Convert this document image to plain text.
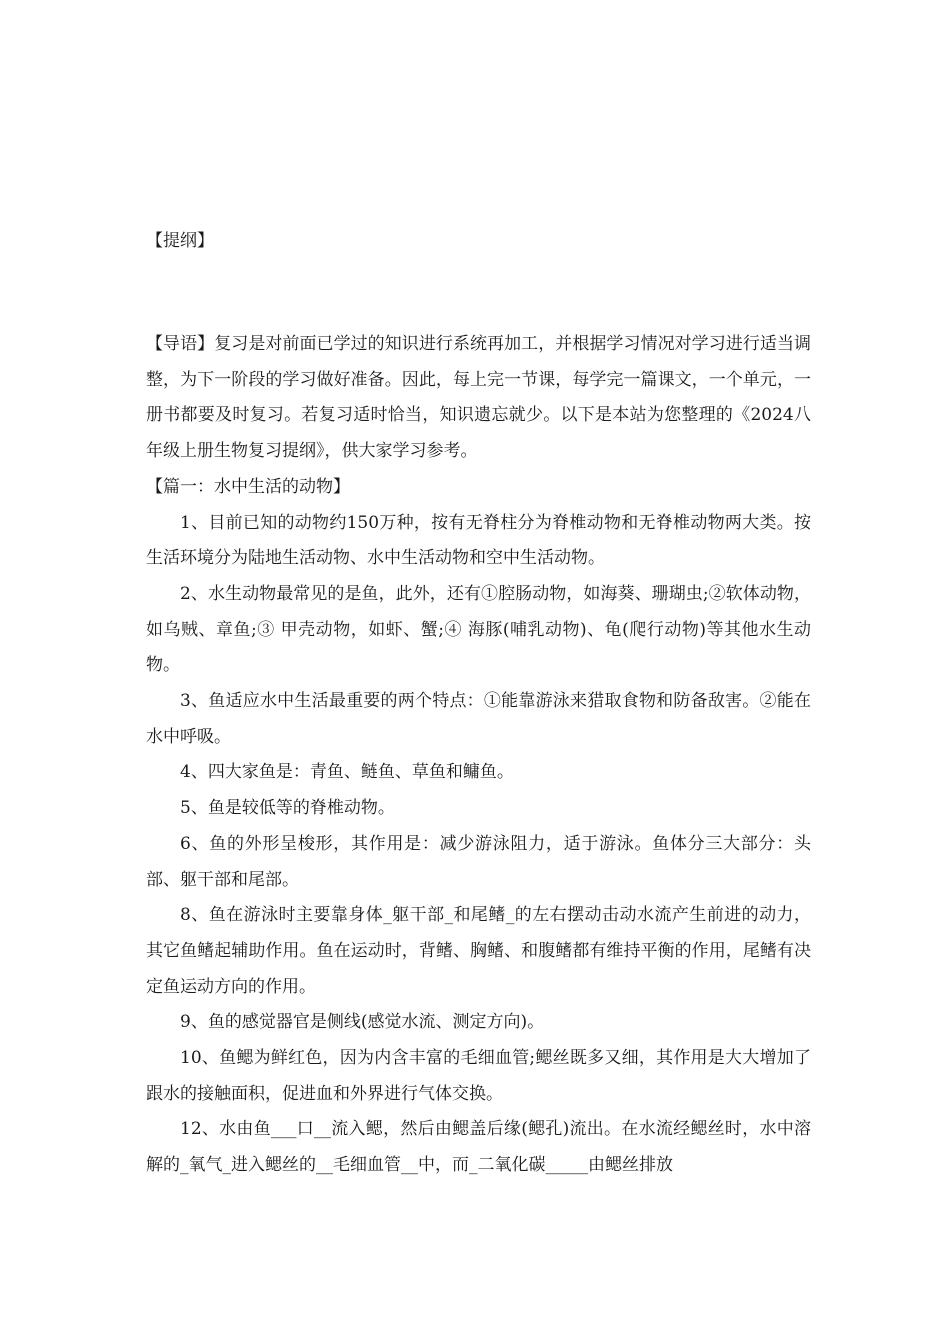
【提纲】

【导语】复习是对前面已学过的知识进行系统再加工，并根据学习情况对学习进行适当调整，为下一阶段的学习做好准备。因此，每上完一节课，每学完一篇课文，一个单元，一册书都要及时复习。若复习适时恰当，知识遗忘就少。以下是本站为您整理的《2024八年级上册生物复习提纲》，供大家学习参考。

【篇一：水中生活的动物】

1、目前已知的动物约150万种，按有无脊柱分为脊椎动物和无脊椎动物两大类。按生活环境分为陆地生活动物、水中生活动物和空中生活动物。

2、水生动物最常见的是鱼，此外，还有①腔肠动物，如海葵、珊瑚虫;②软体动物，如乌贼、章鱼;③ 甲壳动物，如虾、蟹;④ 海豚(哺乳动物)、龟(爬行动物)等其他水生动物。

3、鱼适应水中生活最重要的两个特点：①能靠游泳来猎取食物和防备敌害。②能在水中呼吸。

4、四大家鱼是：青鱼、鲢鱼、草鱼和鳙鱼。

5、鱼是较低等的脊椎动物。

6、鱼的外形呈梭形，其作用是：减少游泳阻力，适于游泳。鱼体分三大部分：头部、躯干部和尾部。

8、鱼在游泳时主要靠身体_躯干部_和尾鳍_的左右摆动击动水流产生前进的动力，其它鱼鳍起辅助作用。鱼在运动时，背鳍、胸鳍、和腹鳍都有维持平衡的作用，尾鳍有决定鱼运动方向的作用。

9、鱼的感觉器官是侧线(感觉水流、测定方向)。

10、鱼鳃为鲜红色，因为内含丰富的毛细血管;鳃丝既多又细，其作用是大大增加了跟水的接触面积，促进血和外界进行气体交换。

12、水由鱼___口__流入鳃，然后由鳃盖后缘(鳃孔)流出。在水流经鳃丝时，水中溶解的_氧气_进入鳃丝的__毛细血管__中，而_二氧化碳_____由鳃丝排放
